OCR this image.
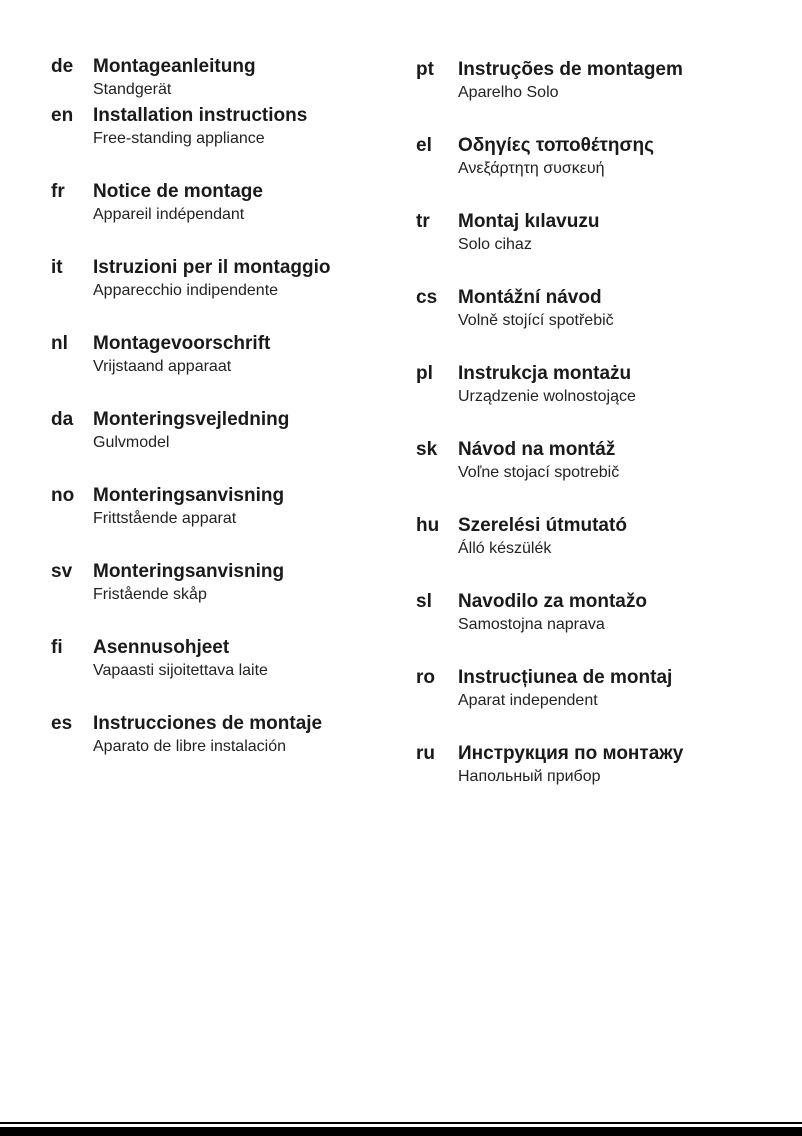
de	Montageanleitung
Standgerät
en	Installation instructions
Free-standing appliance
fr	Notice de montage
Appareil indépendant
it	Istruzioni per il montaggio
Apparecchio indipendente
nl	Montagevoorschrift
Vrijstaand apparaat
da	Monteringsvejledning
Gulvmodel
no Monteringsanvisning
Frittstående apparat
sv	Monteringsanvisning
Fristående skåp
fi	Asennusohjeet
Vapaasti sijoitettava laite
es	Instrucciones de montaje
Aparato de libre instalación
pt	Instruções de montagem
Aparelho Solo
el	Οδηγίες τοποθέτησης
Ανεξάρτητη συσκευή
tr	Montaj kılavuzu
Solo cihaz
cs	Montážní návod
Volně stojící spotřebič
pl	Instrukcja montażu
Urządzenie wolnostojące
sk	Návod na montáž
Voľne stojací spotrebič
hu Szerelési útmutató
Álló készülék
sl	Navodilo za montažo
Samostojna naprava
ro	Instrucțiunea de montaj
Aparat independent
ru	Инструкция по монтажу
Напольный прибор
